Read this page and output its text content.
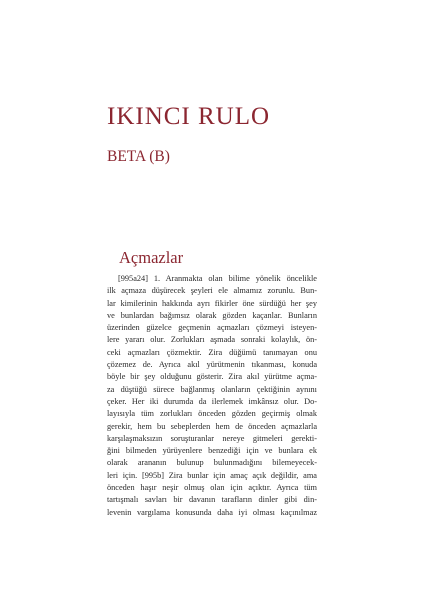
IKINCI RULO
BETA (B)
Açmazlar
[995a24] 1. Aranmakta olan bilime yönelik öncelikle
ilk açmaza düşürecek şeyleri ele almamız zorunlu. Bun-
lar kimilerinin hakkında ayrı fikirler öne sürdüğü her şey
ve bunlardan bağımsız olarak gözden kaçanlar. Bunların
üzerinden güzelce geçmenin açmazları çözmeyi isteyen-
lere yararı olur. Zorlukları aşmada sonraki kolaylık, ön-
ceki açmazları çözmektir. Zira düğümü tanımayan onu
çözemez de. Ayrıca akıl yürütmenin tıkanması, konuda
böyle bir şey olduğunu gösterir. Zira akıl yürütme açmа-
za düştüğü sürece bağlanmış olanların çektiğinin aynını
çeker. Her iki durumda da ilerlemek imkânsız olur. Do-
layısıyla tüm zorlukları önceden gözden geçirmiş olmak
gerekir, hem bu sebeplerden hem de önceden açmazlarla
karşılaşmaksızın soruşturanlar nereye gitmeleri gerekti-
ğini bilmeden yürüyenlere benzediği için ve bunlara ek
olarak aranan​ın bulunup bulunmadığını bilemeyecek-
leri için. [995b] Zira bunlar için amaç açık değildir, ama
önceden haşır neşir olmuş olan için açıktır. Ayrıca tüm
tartışmalı savları bir davanın tarafların dinler gibi din-
levenin vargılama konusunda daha iyi olması kaçınılmaz
